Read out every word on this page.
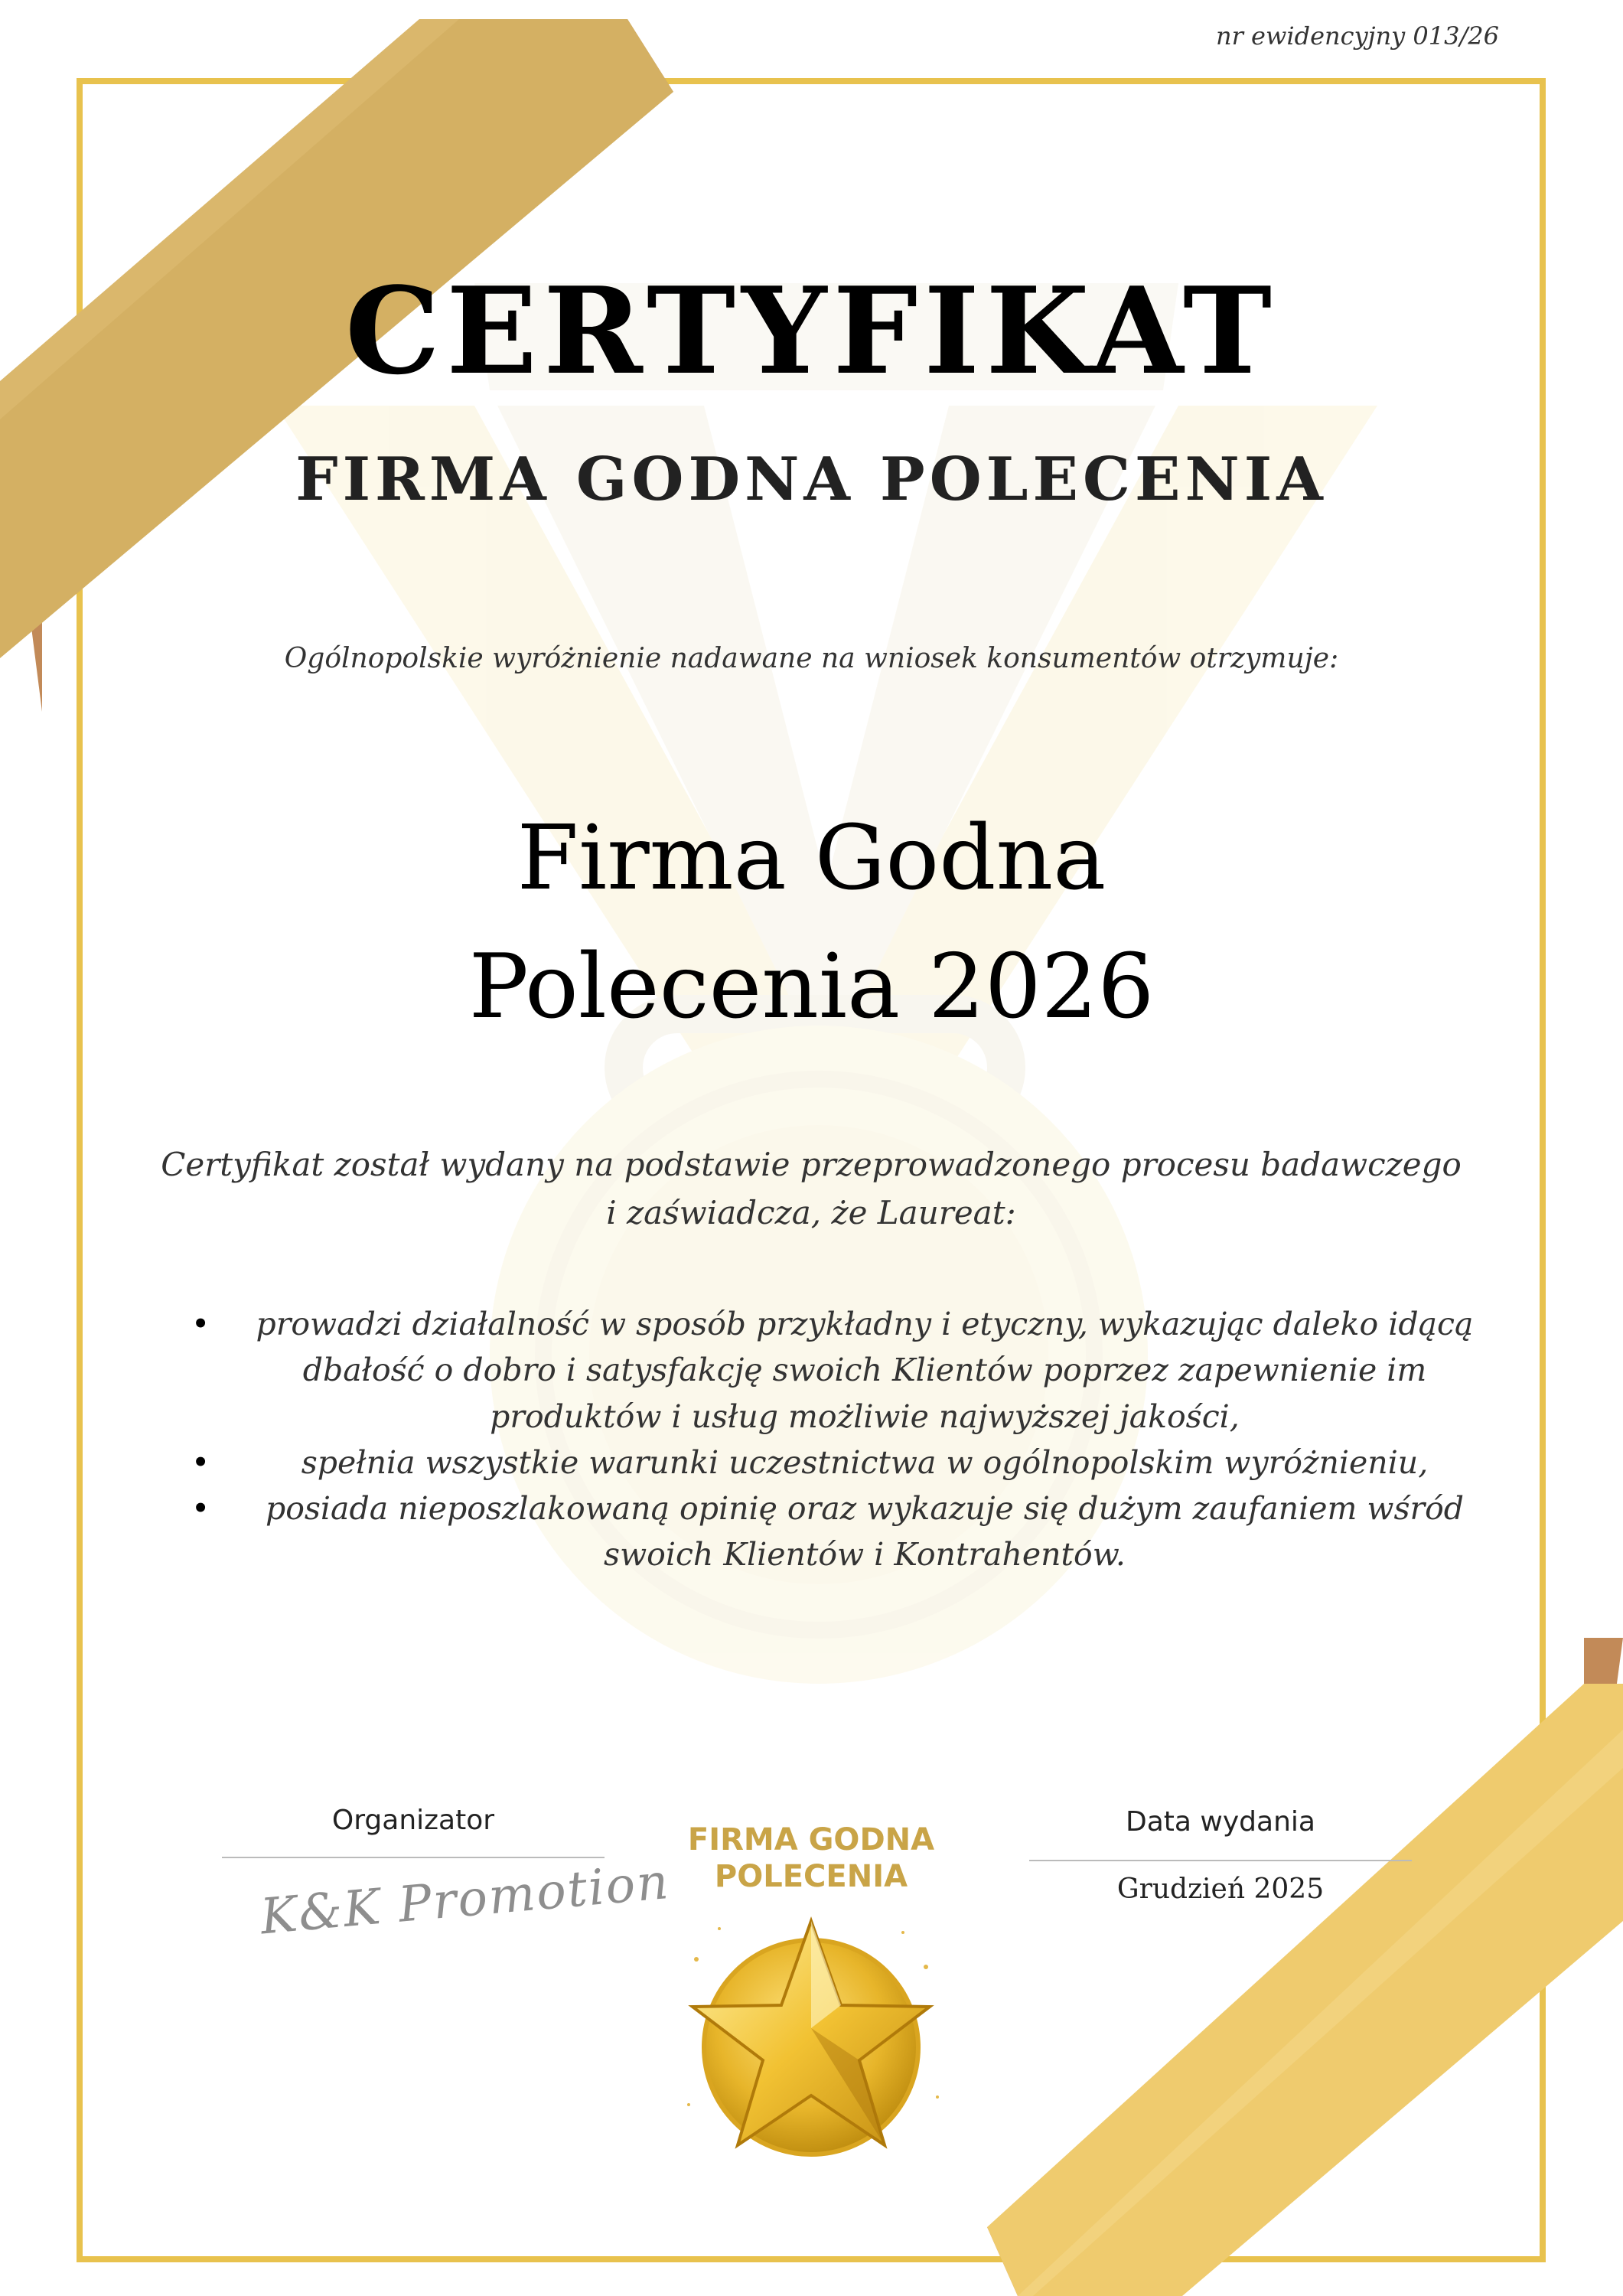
nr ewidencyjny 013/26
CERTYFIKAT
FIRMA GODNA POLECENIA

Ogólnopolskie wyróżnienie nadawane na wniosek konsumentów otrzymuje:

Firma Godna
Polecenia 2026
Certyfikat został wydany na podstawie przeprowadzonego procesu badawczego
i zaświadcza, że Laureat:
• prowadzi działalność w sposób przykładny i etyczny, wykazując daleko idącą dbałość o dobro i satysfakcję swoich Klientów poprzez zapewnienie im produktów i usług możliwie najwyższej jakości,
• spełnia wszystkie warunki uczestnictwa w ogólnopolskim wyróżnieniu,
• posiada nieposzlakowaną opinię oraz wykazuje się dużym zaufaniem wśród swoich Klientów i Kontrahentów.

Organizator

K&K Promotion

Data wydania

Grudzień 2025

FIRMA GODNA
POLECENIA
